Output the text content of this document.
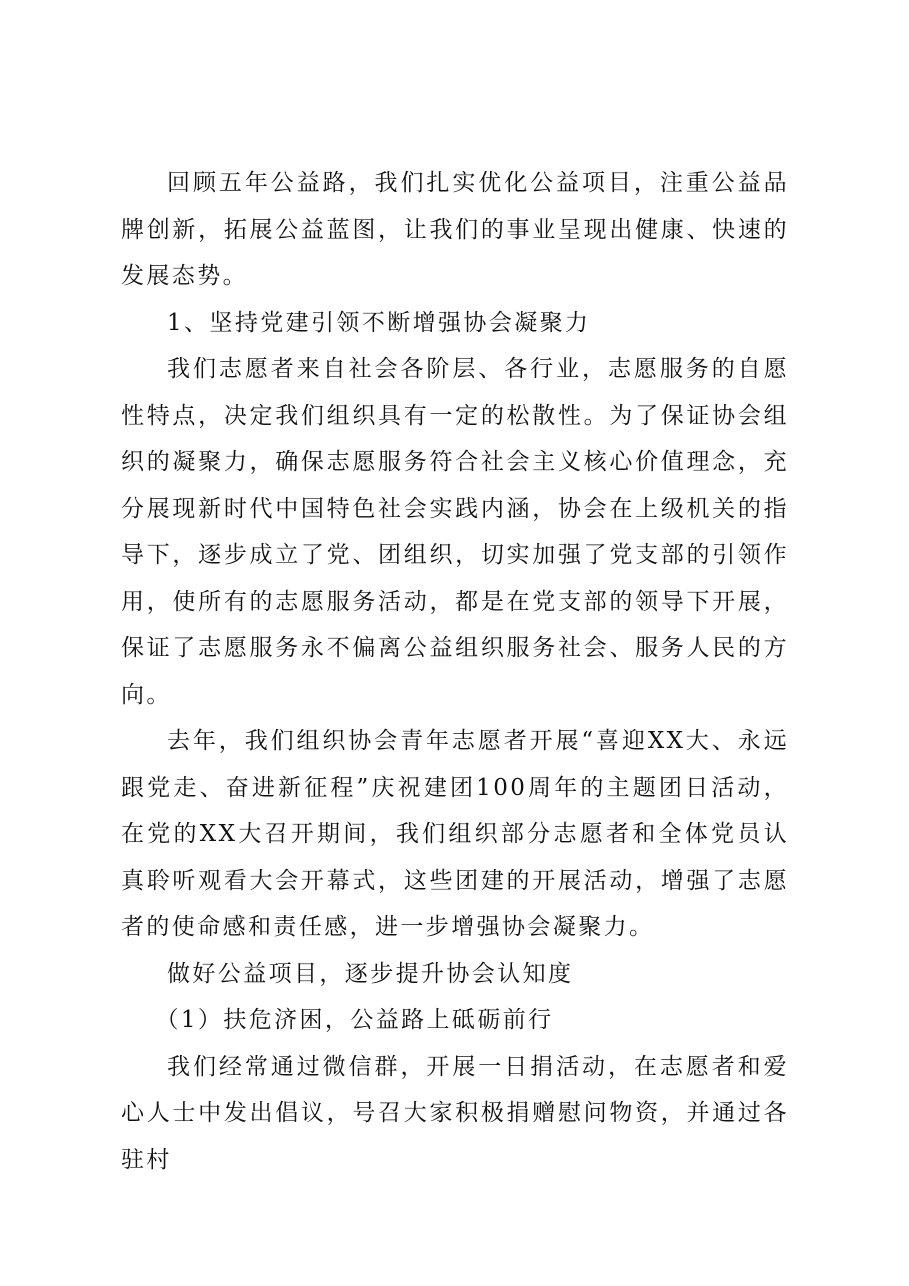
回顾五年公益路，我们扎实优化公益项目，注重公益品牌创新，拓展公益蓝图，让我们的事业呈现出健康、快速的发展态势。

1、坚持党建引领不断增强协会凝聚力

我们志愿者来自社会各阶层、各行业，志愿服务的自愿性特点，决定我们组织具有一定的松散性。为了保证协会组织的凝聚力，确保志愿服务符合社会主义核心价值理念，充分展现新时代中国特色社会实践内涵，协会在上级机关的指导下，逐步成立了党、团组织，切实加强了党支部的引领作用，使所有的志愿服务活动，都是在党支部的领导下开展，保证了志愿服务永不偏离公益组织服务社会、服务人民的方向。

去年，我们组织协会青年志愿者开展“喜迎XX大、永远跟党走、奋进新征程”庆祝建团100周年的主题团日活动，在党的XX大召开期间，我们组织部分志愿者和全体党员认真聆听观看大会开幕式，这些团建的开展活动，增强了志愿者的使命感和责任感，进一步增强协会凝聚力。

做好公益项目，逐步提升协会认知度

（1）扶危济困，公益路上砥砺前行

我们经常通过微信群，开展一日捐活动，在志愿者和爱心人士中发出倡议，号召大家积极捐赠慰问物资，并通过各驻村
